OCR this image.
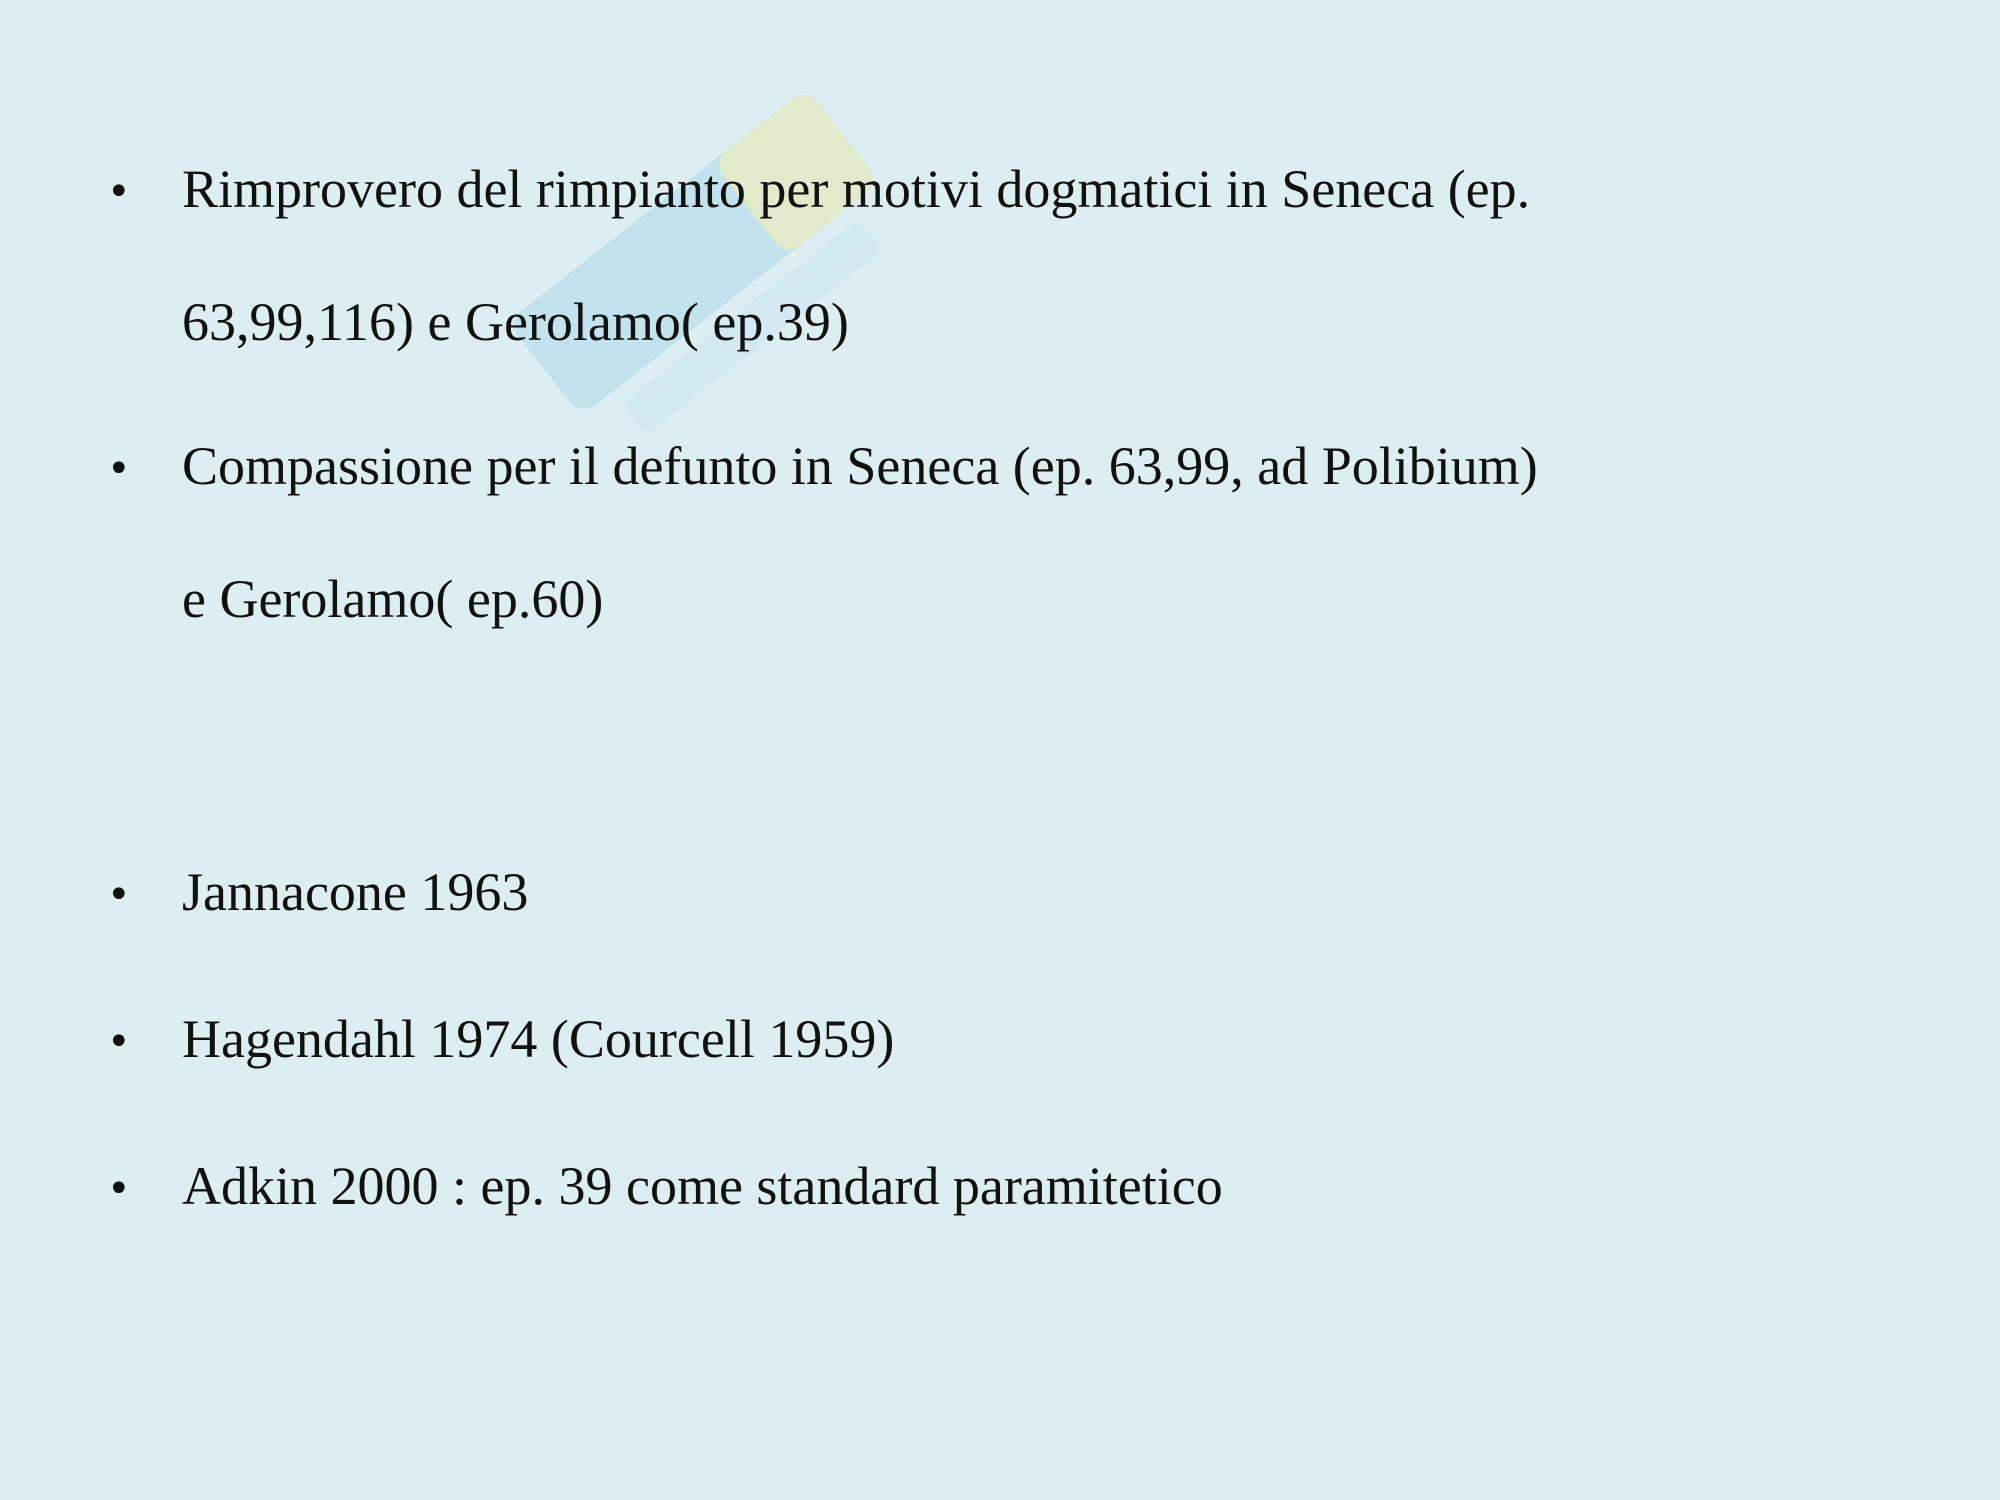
• Rimprovero del rimpianto per motivi dogmatici in Seneca (ep.
63,99,116) e Gerolamo( ep.39)
• Compassione per il defunto in Seneca (ep. 63,99, ad Polibium)
e Gerolamo( ep.60)
• Jannacone 1963
• Hagendahl 1974 (Courcell 1959)
• Adkin 2000 : ep. 39 come standard paramitetico
